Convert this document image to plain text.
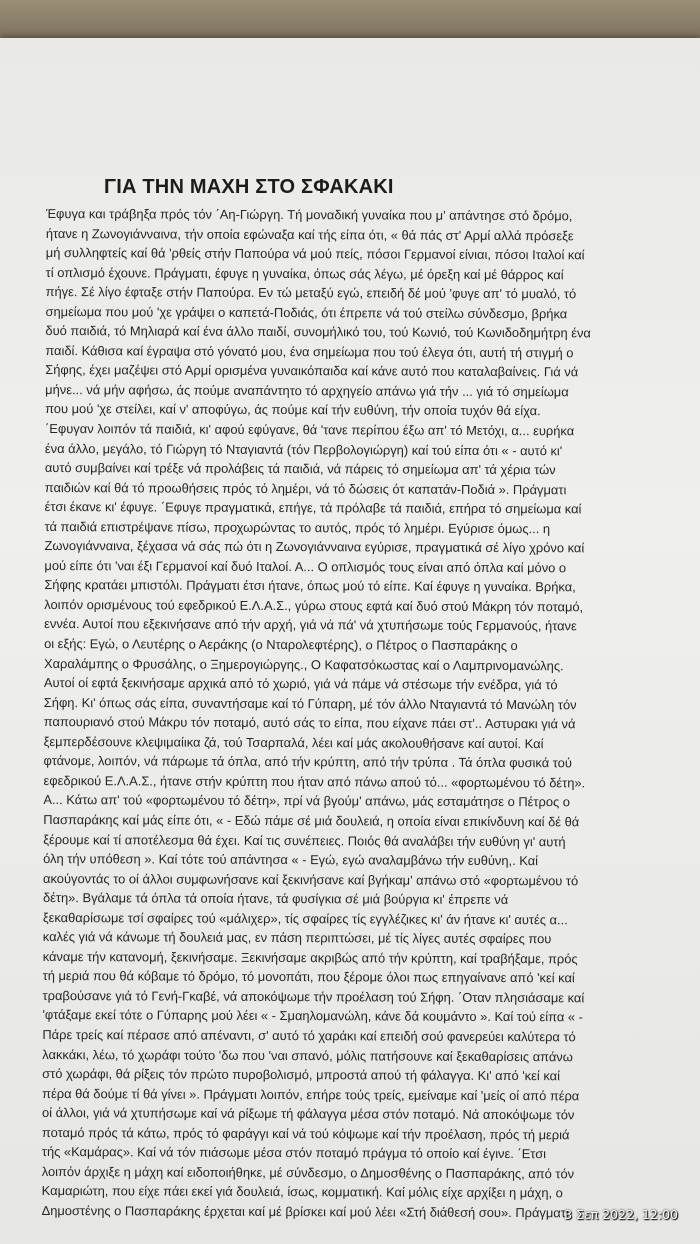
ΓΙΑ ΤΗΝ ΜΑΧΗ ΣΤΟ ΣΦΑΚΑΚΙ
Έφυγα και τράβηξα πρός τόν ΄Αη-Γιώργη. Τή μοναδική γυναίκα που μ' απάντησε στό δρόμο,
ήτανε η Ζωνογιάνναινα, τήν οποία εφώναξα καί τής είπα ότι, « θά πάς στ' Αρμί αλλά πρόσεξε
μή συλληφτείς καί θά 'ρθείς στήν Παπούρα νά μού πείς, πόσοι Γερμανοί είνιαι, πόσοι Ιταλοί καί
τί οπλισμό έχουνε. Πράγματι, έφυγε η γυναίκα, όπως σάς λέγω, μέ όρεξη καί μέ θάρρος καί
πήγε. Σέ λίγο έφταξε στήν Παπούρα. Εν τώ μεταξύ εγώ, επειδή δέ μού 'φυγε απ' τό μυαλό, τό
σημείωμα που μού 'χε γράψει ο καπετά-Ποδιάς, ότι έπρεπε νά τού στείλω σύνδεσμο, βρήκα
δυό παιδιά, τό Μηλιαρά καί ένα άλλο παιδί, συνομήλικό του, τού Κωνιό, τού Κωνιδοδημήτρη ένα
παιδί. Κάθισα καί έγραψα στό γόνατό μου, ένα σημείωμα που τού έλεγα ότι, αυτή τή στιγμή ο
Σήφης, έχει μαζέψει στό Αρμί ορισμένα γυναικόπαιδα καί κάνε αυτό που καταλαβαίνεις. Γιά νά
μήνε... νά μήν αφήσω, άς πούμε αναπάντητο τό αρχηγείο απάνω γιά τήν ... γιά τό σημείωμα
που μού 'χε στείλει, καί ν' αποφύγω, άς πούμε καί τήν ευθύνη, τήν οποία τυχόν θά είχα.
΄Εφυγαν λοιπόν τά παιδιά, κι' αφού εφύγανε, θά 'τανε περίπου έξω απ' τό Μετόχι, α... ευρήκα
ένα άλλο, μεγάλο, τό Γιώργη τό Νταγιαντά (τόν Περβολογιώργη) καί τού είπα ότι « - αυτό κι'
αυτό συμβαίνει καί τρέξε νά προλάβεις τά παιδιά, νά πάρεις τό σημείωμα απ' τά χέρια τών
παιδιών καί θά τό προωθήσεις πρός τό λημέρι, νά τό δώσεις ότ καπατάν-Ποδιά ». Πράγματι
έτσι έκανε κι' έφυγε. ΄Εφυγε πραγματικά, επήγε, τά πρόλαβε τά παιδιά, επήρα τό σημείωμα καί
τά παιδιά επιστρέψανε πίσω, προχωρώντας το αυτός, πρός τό λημέρι. Εγύρισε όμως... η
Ζωνογιάνναινα, ξέχασα νά σάς πώ ότι η Ζωνογιάνναινα εγύρισε, πραγματικά σέ λίγο χρόνο καί
μού είπε ότι 'ναι έξι Γερμανοί καί δυό Ιταλοί. Α... Ο οπλισμός τους είναι από όπλα καί μόνο ο
Σήφης κρατάει μπιστόλι. Πράγματι έτσι ήτανε, όπως μού τό είπε. Καί έφυγε η γυναίκα. Βρήκα,
λοιπόν ορισμένους τού εφεδρικού Ε.Λ.Α.Σ., γύρω στους εφτά καί δυό στού Μάκρη τόν ποταμό,
εννέα. Αυτοί που εξεκινήσανε από τήν αρχή, γιά νά πά' νά χτυπήσωμε τούς Γερμανούς, ήτανε
οι εξής: Εγώ, ο Λευτέρης ο Αεράκης (ο Νταρολεφτέρης), ο Πέτρος ο Πασπαράκης ο
Χαραλάμπης ο Φρυσάλης, ο Ξημερογιώργης., Ο Καφατσόκωστας καί ο Λαμπρινομανώλης.
Αυτοί οί εφτά ξεκινήσαμε αρχικά από τό χωριό, γιά νά πάμε νά στέσωμε τήν ενέδρα, γιά τό
Σήφη. Κι' όπως σάς είπα, συναντήσαμε καί τό Γύπαρη, μέ τόν άλλο Νταγιαντά τό Μανώλη τόν
παπουριανό στού Μάκρυ τόν ποταμό, αυτό σάς το είπα, που είχανε πάει στ'.. Αστυρακι γιά νά
ξεμπερδέσουνε κλεψιμαίικα ζά, τού Τσαρπαλά, λέει καί μάς ακολουθήσανε καί αυτοί. Καί
φτάνομε, λοιπόν, νά πάρωμε τά όπλα, από τήν κρύπτη, από τήν τρύπα . Τά όπλα φυσικά τού
εφεδρικού Ε.Λ.Α.Σ., ήτανε στήν κρύπτη που ήταν από πάνω απού τό... «φορτωμένου τό δέτη».
Α... Κάτω απ' τού «φορτωμένου τό δέτη», πρί νά βγούμ' απάνω, μάς εσταμάτησε ο Πέτρος ο
Πασπαράκης καί μάς είπε ότι, « - Εδώ πάμε σέ μιά δουλειά, η οποία είναι επικίνδυνη καί δέ θά
ξέρουμε καί τί αποτέλεσμα θά έχει. Καί τις συνέπειες. Ποιός θά αναλάβει τήν ευθύνη γι' αυτή
όλη τήν υπόθεση ». Καί τότε τού απάντησα « - Εγώ, εγώ αναλαμβάνω τήν ευθύνη,. Καί
ακούγοντάς το οί άλλοι συμφωνήσανε καί ξεκινήσανε καί βγήκαμ' απάνω στό «φορτωμένου τό
δέτη». Βγάλαμε τά όπλα τά οποία ήτανε, τά φυσίγκια σέ μιά βούργια κι' έπρεπε νά
ξεκαθαρίσωμε τσί σφαίρες τού «μάλιχερ», τίς σφαίρες τίς εγγλέζικες κι' άν ήτανε κι' αυτές α...
καλές γιά νά κάνωμε τή δουλειά μας, εν πάση περιπτώσει, μέ τίς λίγες αυτές σφαίρες που
κάναμε τήν κατανομή, ξεκινήσαμε. Ξεκινήσαμε ακριβώς από τήν κρύπτη, καί τραβήξαμε, πρός
τή μεριά που θά κόβαμε τό δρόμο, τό μονοπάτι, που ξέρομε όλοι πως επηγαίνανε από 'κεί καί
τραβούσανε γιά τό Γενή-Γκαβέ, νά αποκόψωμε τήν προέλαση τού Σήφη. ΄Οταν πλησιάσαμε καί
'φτάξαμε εκεί τότε ο Γύπαρης μού λέει « - Σμαηλομανώλη, κάνε δά κουμάντο ». Καί τού είπα « -
Πάρε τρείς καί πέρασε από απέναντι, σ' αυτό τό χαράκι καί επειδή σού φανερεύει καλύτερα τό
λακκάκι, λέω, τό χωράφι τούτο 'δω που 'ναι σπανό, μόλις πατήσουνε καί ξεκαθαρίσεις απάνω
στό χωράφι, θά ρίξεις τόν πρώτο πυροβολισμό, μπροστά απού τή φάλαγγα. Κι' από 'κεί καί
πέρα θά δούμε τί θά γίνει ». Πράγματι λοιπόν, επήρε τούς τρείς, εμείναμε καί 'μείς οί από πέρα
οί άλλοι, γιά νά χτυπήσωμε καί νά ρίξωμε τή φάλαγγα μέσα στόν ποταμό. Νά αποκόψωμε τόν
ποταμό πρός τά κάτω, πρός τό φαράγγι καί νά τού κόψωμε καί τήν προέλαση, πρός τή μεριά
τής «Καμάρας». Καί νά τόν πιάσωμε μέσα στόν ποταμό πράγμα τό οποίο καί έγινε. ΄Ετσι
λοιπόν άρχιξε η μάχη καί ειδοποιήθηκε, μέ σύνδεσμο, ο Δημοσθένης ο Πασπαράκης, από τόν
Καμαριώτη, που είχε πάει εκεί γιά δουλειά, ίσως, κομματική. Καί μόλις είχε αρχίξει η μάχη, ο
Δημοστένης ο Πασπαράκης έρχεται καί μέ βρίσκει καί μού λέει «Στή διάθεσή σου». Πράγματι,
3 Σεπ 2022, 12:00
